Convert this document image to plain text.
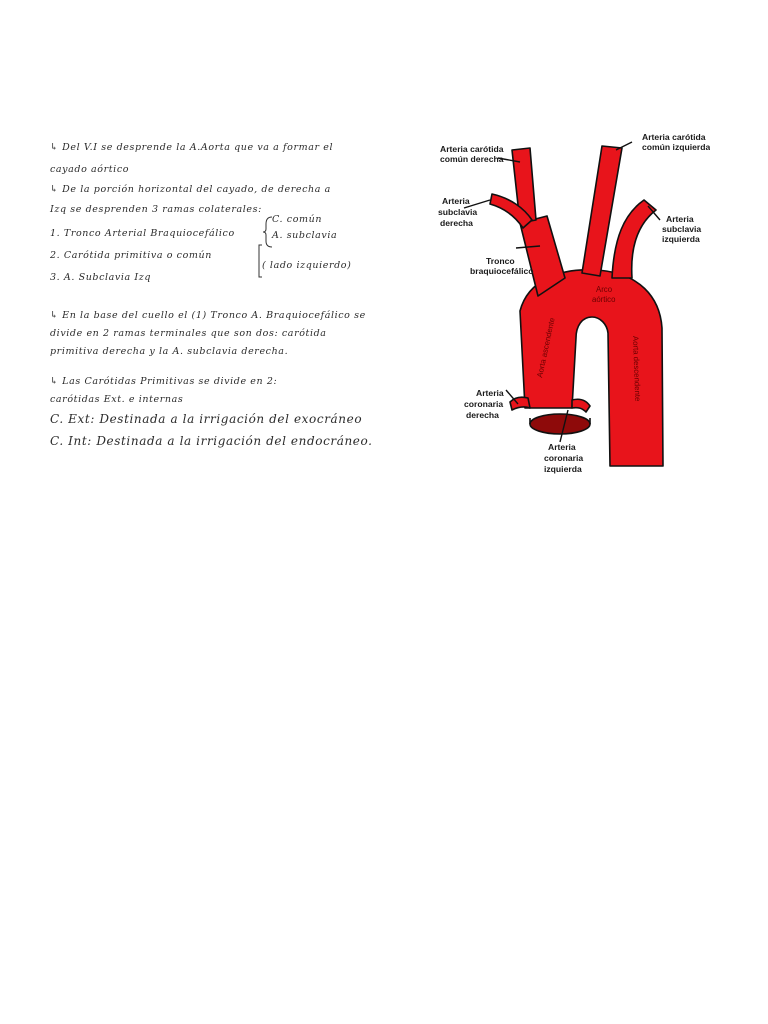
↳ Del V.I se desprende la A.Aorta que va a formar el
cayado aórtico
↳ De la porción horizontal del cayado, de derecha a
Izq se desprenden 3 ramas colaterales:
C. común
1. Tronco Arterial Braquiocefálico	A. subclavia
2. Carótida primitiva o común
( lado izquierdo)
3. A. Subclavia Izq
↳ En la base del cuello el (1) Tronco A. Braquiocefálico se
divide en 2 ramas terminales que son dos: carótida
primitiva derecha y la A. subclavia derecha.
↳ Las Carótidas Primitivas se divide en 2:
carótidas Ext. e internas
C. Ext: Destinada a la irrigación del exocráneo
C. Int: Destinada a la irrigación del endocráneo.
Arteria carótida
común derecha
Arteria carótida
común izquierda
Arteria
subclavia
derecha	Arteria
subclavia
izquierda
Tronco
braquiocefálico
Arco
aórtico
Aorta ascendente	Aorta descendente
Arteria
coronaria
derecha
Arteria
coronaria
izquierda
